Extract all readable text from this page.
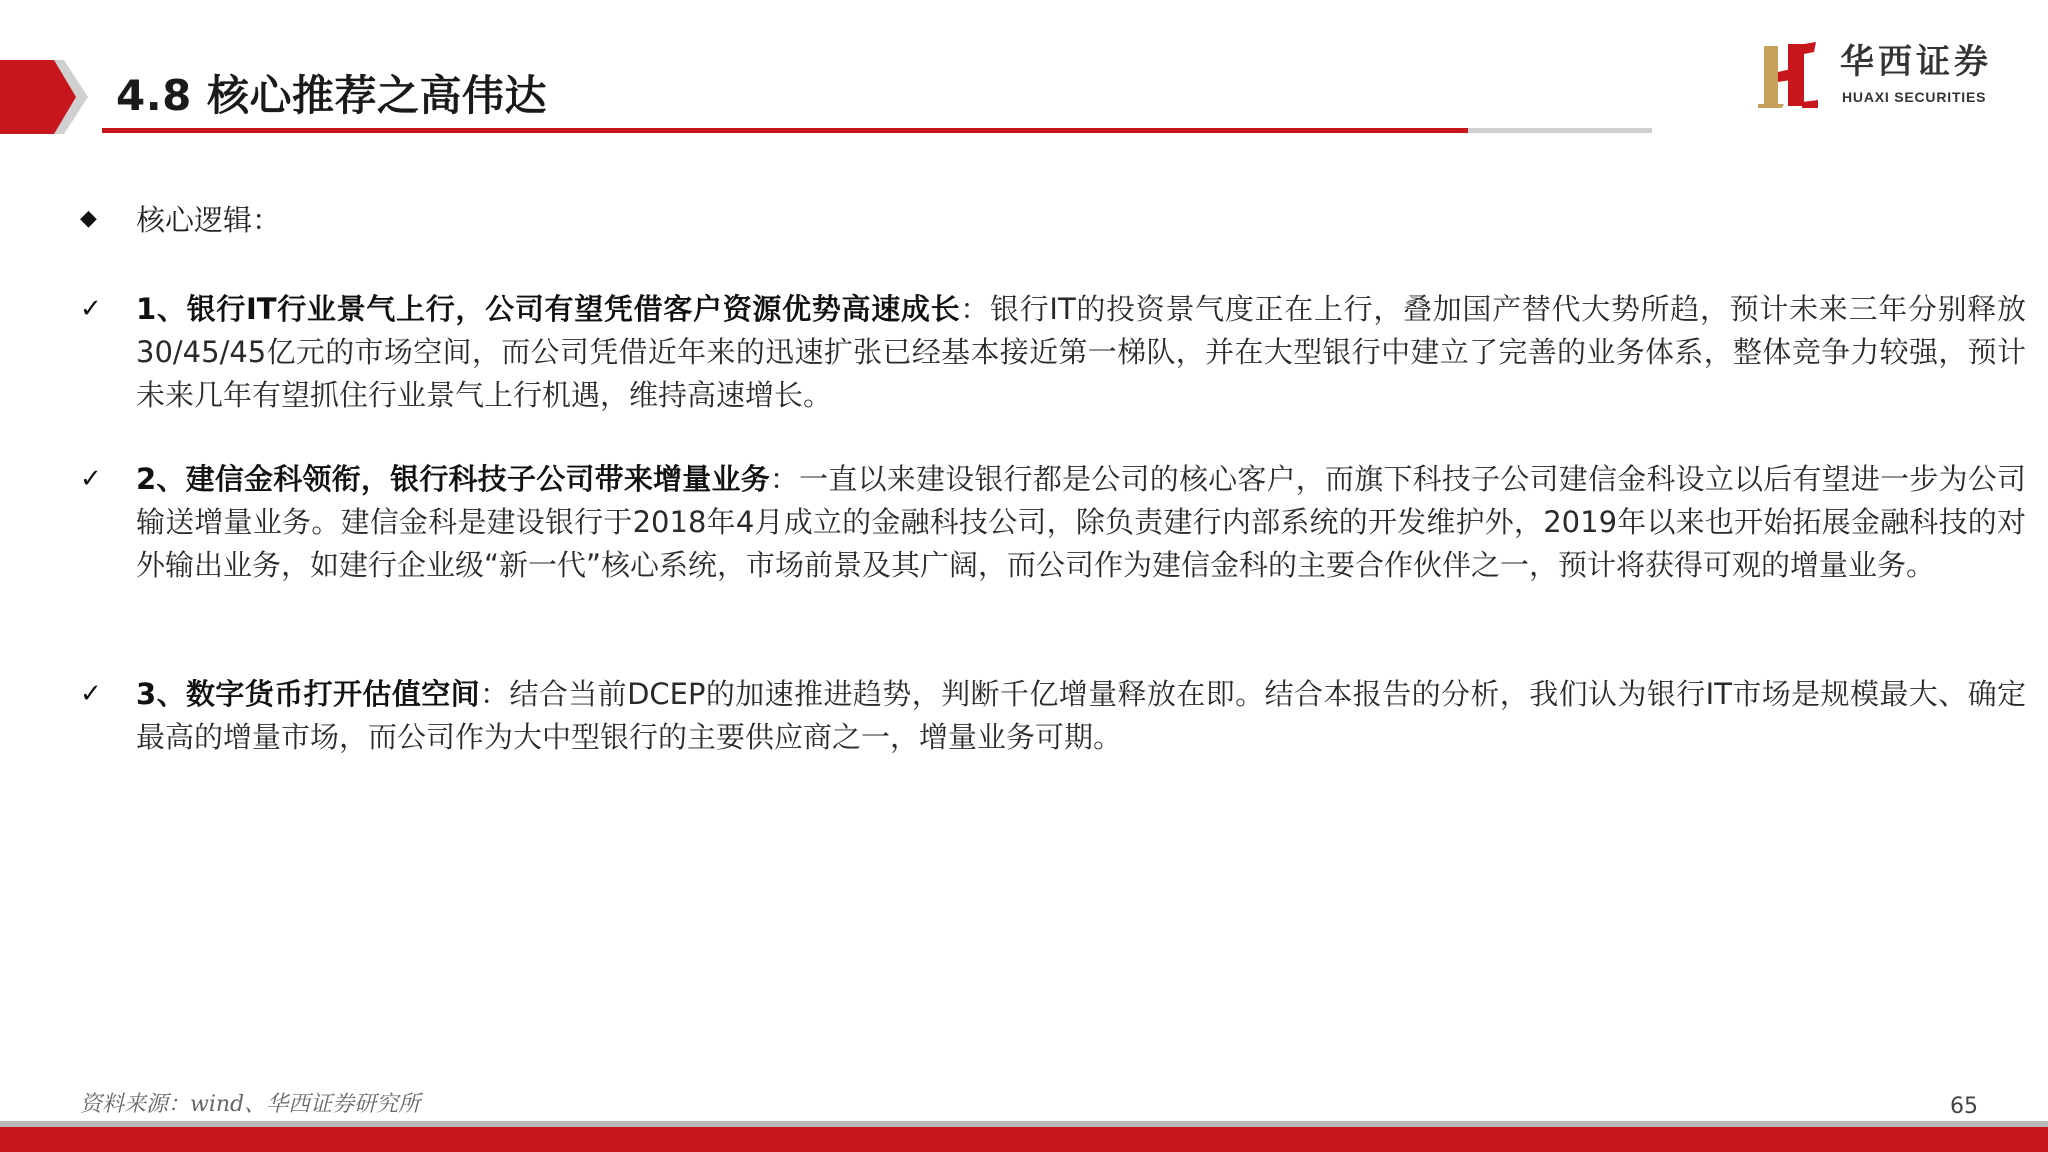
4.8 核心推荐之高伟达
华西证券
HUAXI SECURITIES
◆	核心逻辑：
✓ 1、银行IT行业景气上行，公司有望凭借客户资源优势高速成长：银行IT的投资景气度正在上行，叠加国产替代大势所趋，预计未来三年分别释放30/45/45亿元的市场空间，而公司凭借近年来的迅速扩张已经基本接近第一梯队，并在大型银行中建立了完善的业务体系，整体竞争力较强，预计未来几年有望抓住行业景气上行机遇，维持高速增长。
✓ 2、建信金科领衔，银行科技子公司带来增量业务：一直以来建设银行都是公司的核心客户，而旗下科技子公司建信金科设立以后有望进一步为公司输送增量业务。建信金科是建设银行于2018年4月成立的金融科技公司，除负责建行内部系统的开发维护外，2019年以来也开始拓展金融科技的对外输出业务，如建行企业级“新一代”核心系统，市场前景及其广阔，而公司作为建信金科的主要合作伙伴之一，预计将获得可观的增量业务。
✓ 3、数字货币打开估值空间：结合当前DCEP的加速推进趋势，判断千亿增量释放在即。结合本报告的分析，我们认为银行IT市场是规模最大、确定最高的增量市场，而公司作为大中型银行的主要供应商之一，增量业务可期。
资料来源：wind、华西证券研究所	65
